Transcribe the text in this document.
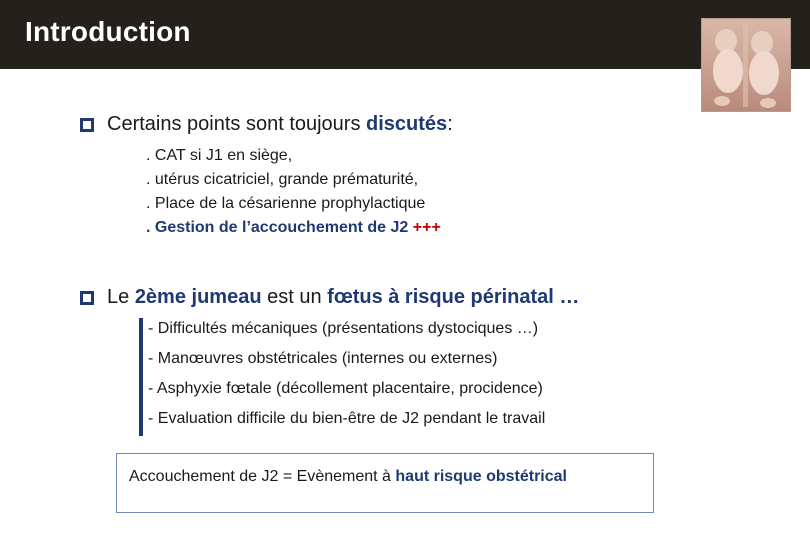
Introduction
Certains points sont toujours discutés:
. CAT si J1 en siège,
. utérus cicatriciel, grande prématurité,
. Place de la césarienne prophylactique
. Gestion de l’accouchement de J2 +++
Le 2ème jumeau est un fœtus à risque périnatal …
- Difficultés mécaniques (présentations dystociques …)
- Manœuvres obstétricales (internes ou externes)
- Asphyxie fœtale (décollement placentaire, procidence)
- Evaluation difficile du bien-être de J2 pendant le travail
Accouchement de J2 = Evènement à haut risque obstétrical
